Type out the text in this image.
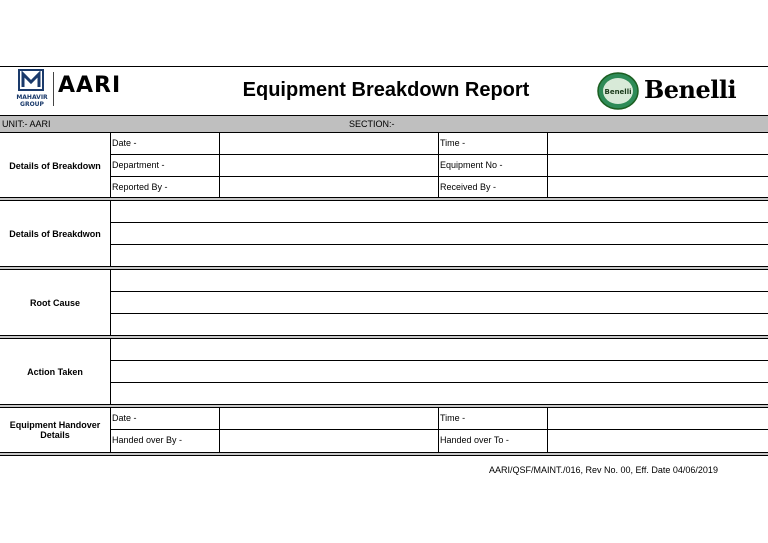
MAHAVIR
GROUP
AARI	Equipment Breakdown Report	Benelli Benelli
UNIT:- AARI	SECTION:-
Details of Breakdown
Date -	Time -
Department -	Equipment No -
Reported By -	Received By -
Details of Breakdwon
Root Cause
Action Taken
Equipment Handover Details
Date -	Time -
Handed over By -	Handed over To -
AARI/QSF/MAINT./016, Rev No. 00, Eff. Date 04/06/2019
